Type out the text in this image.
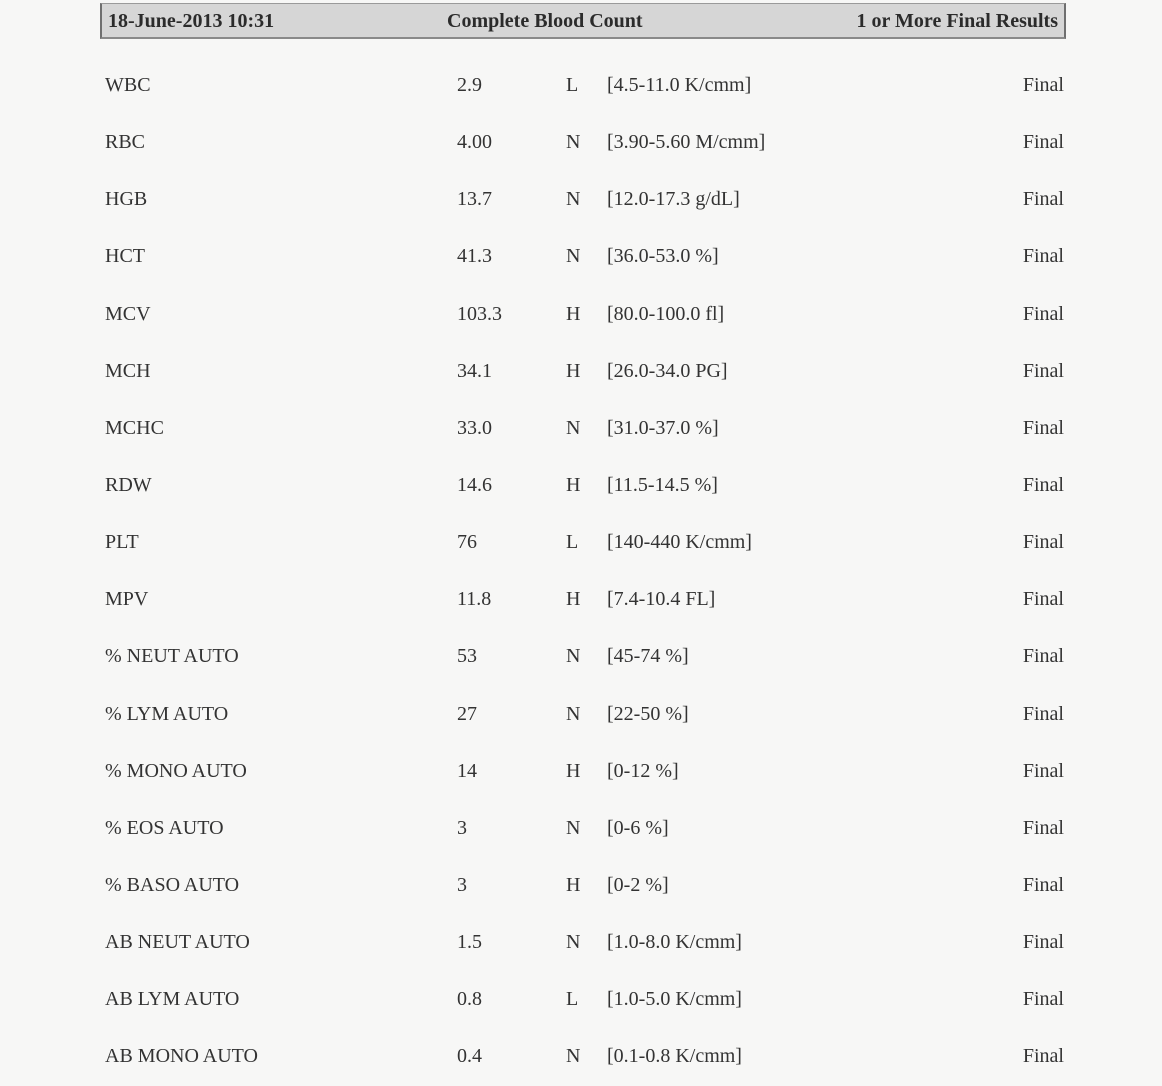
18-June-2013 10:31	Complete Blood Count	1 or More Final Results
WBC	2.9	L [4.5-11.0 K/cmm]	Final
RBC	4.00	N [3.90-5.60 M/cmm]	Final
HGB	13.7	N [12.0-17.3 g/dL]	Final
HCT	41.3	N [36.0-53.0 %]	Final
MCV	103.3	H [80.0-100.0 fl]	Final
MCH	34.1	H [26.0-34.0 PG]	Final
MCHC	33.0	N [31.0-37.0 %]	Final
RDW	14.6	H [11.5-14.5 %]	Final
PLT	76	L [140-440 K/cmm]	Final
MPV	11.8	H [7.4-10.4 FL]	Final
% NEUT AUTO	53	N [45-74 %]	Final
% LYM AUTO	27	N [22-50 %]	Final
% MONO AUTO	14	H [0-12 %]	Final
% EOS AUTO	3	N [0-6 %]	Final
% BASO AUTO	3	H [0-2 %]	Final
AB NEUT AUTO	1.5	N [1.0-8.0 K/cmm]	Final
AB LYM AUTO	0.8	L [1.0-5.0 K/cmm]	Final
AB MONO AUTO	0.4	N [0.1-0.8 K/cmm]	Final
